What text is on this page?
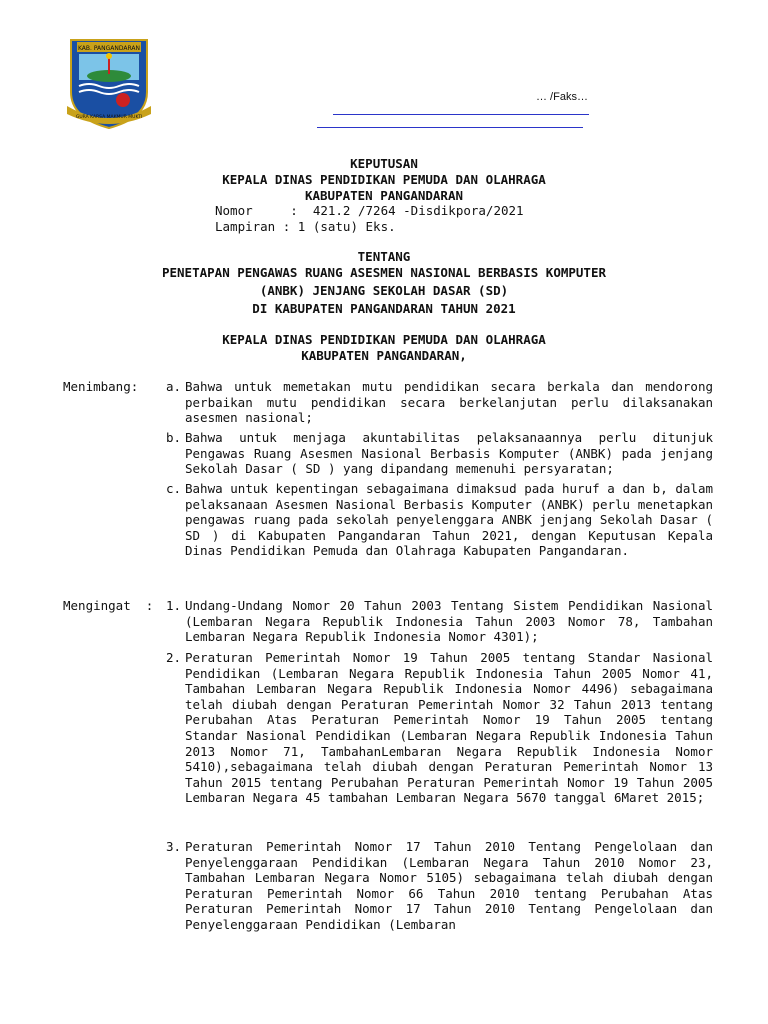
KAB. PANGANDARAN
GURA KARSA MAKMUR MUKTI
… /Faks…
KEPUTUSAN
KEPALA DINAS PENDIDIKAN PEMUDA DAN OLAHRAGA
KABUPATEN PANGANDARAN
Nomor     :  421.2 /7264 -Disdikpora/2021
Lampiran : 1 (satu) Eks.
TENTANG
PENETAPAN PENGAWAS RUANG ASESMEN NASIONAL BERBASIS KOMPUTER
(ANBK) JENJANG SEKOLAH DASAR (SD)
DI KABUPATEN PANGANDARAN TAHUN 2021
KEPALA DINAS PENDIDIKAN PEMUDA DAN OLAHRAGA
KABUPATEN PANGANDARAN,
Menimbang: a. Bahwa untuk memetakan mutu pendidikan secara berkala dan mendorong perbaikan mutu pendidikan secara berkelanjutan perlu dilaksanakan asesmen nasional;
b. Bahwa untuk menjaga akuntabilitas pelaksanaannya perlu ditunjuk Pengawas Ruang Asesmen Nasional Berbasis Komputer (ANBK) pada jenjang Sekolah Dasar ( SD ) yang dipandang memenuhi persyaratan;
c. Bahwa untuk kepentingan sebagaimana dimaksud pada huruf a dan b, dalam pelaksanaan Asesmen Nasional Berbasis Komputer (ANBK) perlu menetapkan pengawas ruang pada sekolah penyelenggara ANBK jenjang Sekolah Dasar ( SD ) di Kabupaten Pangandaran Tahun 2021, dengan Keputusan Kepala Dinas Pendidikan Pemuda dan Olahraga Kabupaten Pangandaran.
Mengingat  : 1. Undang-Undang Nomor 20 Tahun 2003 Tentang Sistem Pendidikan Nasional (Lembaran Negara Republik Indonesia Tahun 2003 Nomor 78, Tambahan Lembaran Negara Republik Indonesia Nomor 4301);
2. Peraturan Pemerintah Nomor 19 Tahun 2005 tentang Standar Nasional Pendidikan (Lembaran Negara Republik Indonesia Tahun 2005 Nomor 41, Tambahan Lembaran Negara Republik Indonesia Nomor 4496) sebagaimana telah diubah dengan Peraturan Pemerintah Nomor 32 Tahun 2013 tentang Perubahan Atas Peraturan Pemerintah Nomor 19 Tahun 2005 tentang Standar Nasional Pendidikan (Lembaran Negara Republik Indonesia Tahun 2013 Nomor 71, TambahanLembaran Negara Republik Indonesia Nomor 5410),sebagaimana telah diubah dengan Peraturan Pemerintah Nomor 13 Tahun 2015 tentang Perubahan Peraturan Pemerintah Nomor 19 Tahun 2005 Lembaran Negara 45 tambahan Lembaran Negara 5670 tanggal 6Maret 2015;
3. Peraturan Pemerintah Nomor 17 Tahun 2010 Tentang Pengelolaan dan Penyelenggaraan Pendidikan (Lembaran Negara Tahun 2010 Nomor 23, Tambahan Lembaran Negara Nomor 5105) sebagaimana telah diubah dengan Peraturan Pemerintah Nomor 66 Tahun 2010 tentang Perubahan Atas Peraturan Pemerintah Nomor 17 Tahun 2010 Tentang Pengelolaan dan Penyelenggaraan Pendidikan (Lembaran
